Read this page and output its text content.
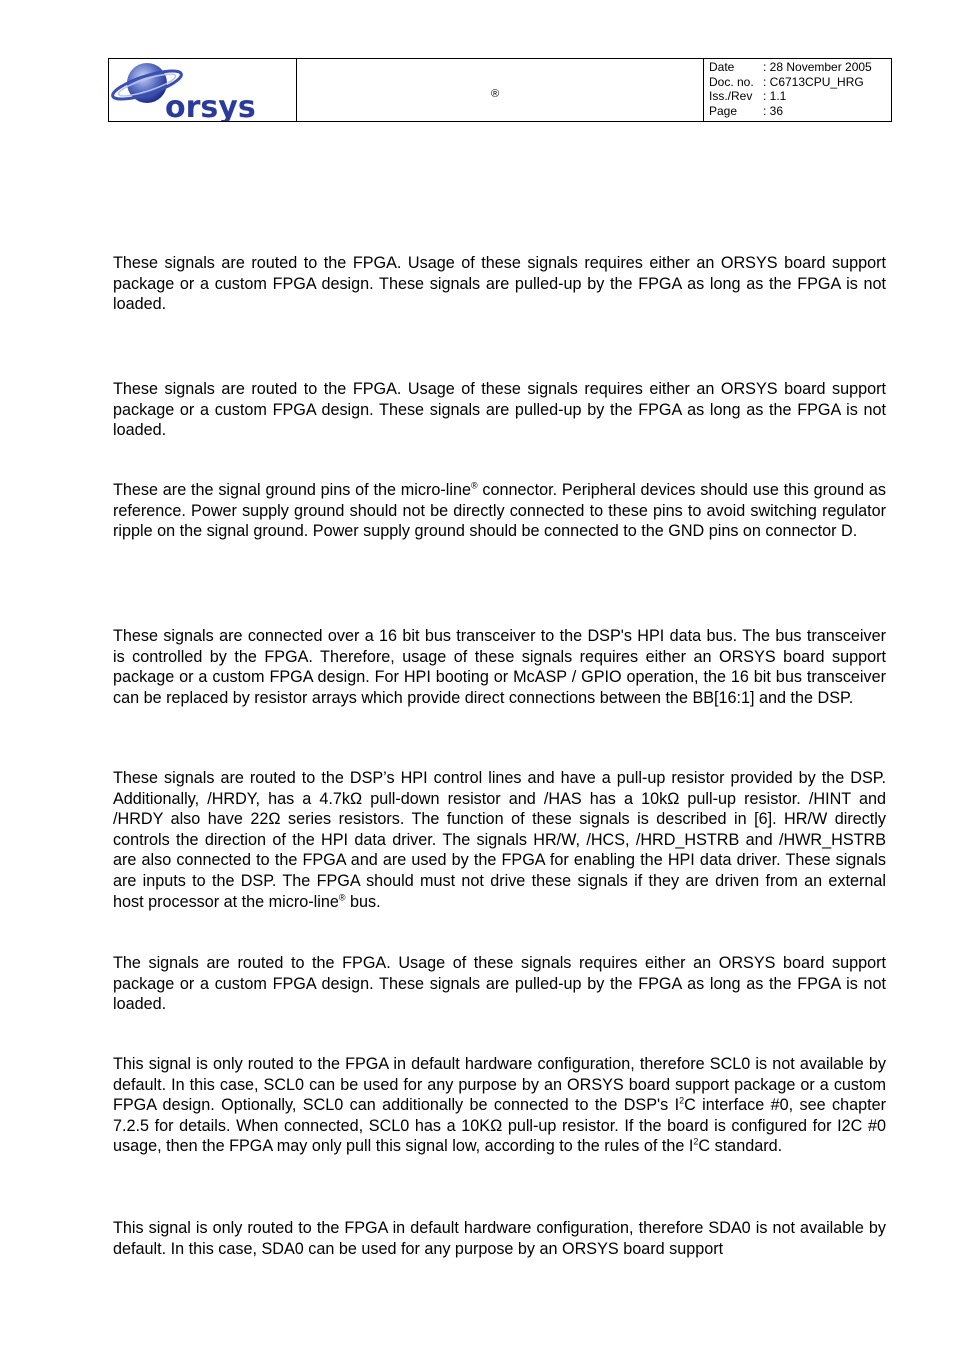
orsys	®
Date	: 28 November 2005
Doc. no. : C6713CPU_HRG
Iss./Rev : 1.1
Page	: 36

These signals are routed to the FPGA. Usage of these signals requires either an ORSYS board support package or a custom FPGA design. These signals are pulled-up by the FPGA as long as the FPGA is not loaded.

These signals are routed to the FPGA. Usage of these signals requires either an ORSYS board support package or a custom FPGA design. These signals are pulled-up by the FPGA as long as the FPGA is not loaded.

These are the signal ground pins of the micro-line® connector. Peripheral devices should use this ground as reference. Power supply ground should not be directly connected to these pins to avoid switching regulator ripple on the signal ground. Power supply ground should be connected to the GND pins on connector D.

These signals are connected over a 16 bit bus transceiver to the DSP's HPI data bus. The bus transceiver is controlled by the FPGA. Therefore, usage of these signals requires either an ORSYS board support package or a custom FPGA design. For HPI booting or McASP / GPIO operation, the 16 bit bus transceiver can be replaced by resistor arrays which provide direct connections between the BB[16:1] and the DSP.

These signals are routed to the DSP’s HPI control lines and have a pull-up resistor provided by the DSP. Additionally, /HRDY, has a 4.7kΩ pull-down resistor and /HAS has a 10kΩ pull-up resistor. /HINT and /HRDY also have 22Ω series resistors. The function of these signals is described in [6]. HR/W directly controls the direction of the HPI data driver. The signals HR/W, /HCS, /HRD_HSTRB and /HWR_HSTRB are also connected to the FPGA and are used by the FPGA for enabling the HPI data driver. These signals are inputs to the DSP. The FPGA should must not drive these signals if they are driven from an external host processor at the micro-line® bus.

The signals are routed to the FPGA. Usage of these signals requires either an ORSYS board support package or a custom FPGA design. These signals are pulled-up by the FPGA as long as the FPGA is not loaded.

This signal is only routed to the FPGA in default hardware configuration, therefore SCL0 is not available by default. In this case, SCL0 can be used for any purpose by an ORSYS board support package or a custom FPGA design. Optionally, SCL0 can additionally be connected to the DSP's $I^2C$ interface #0, see chapter 7.2.5 for details. When connected, SCL0 has a 10KΩ pull-up resistor. If the board is configured for I2C #0 usage, then the FPGA may only pull this signal low, according to the rules of the $I^2C$ standard.

This signal is only routed to the FPGA in default hardware configuration, therefore SDA0 is not available by default. In this case, SDA0 can be used for any purpose by an ORSYS board support
